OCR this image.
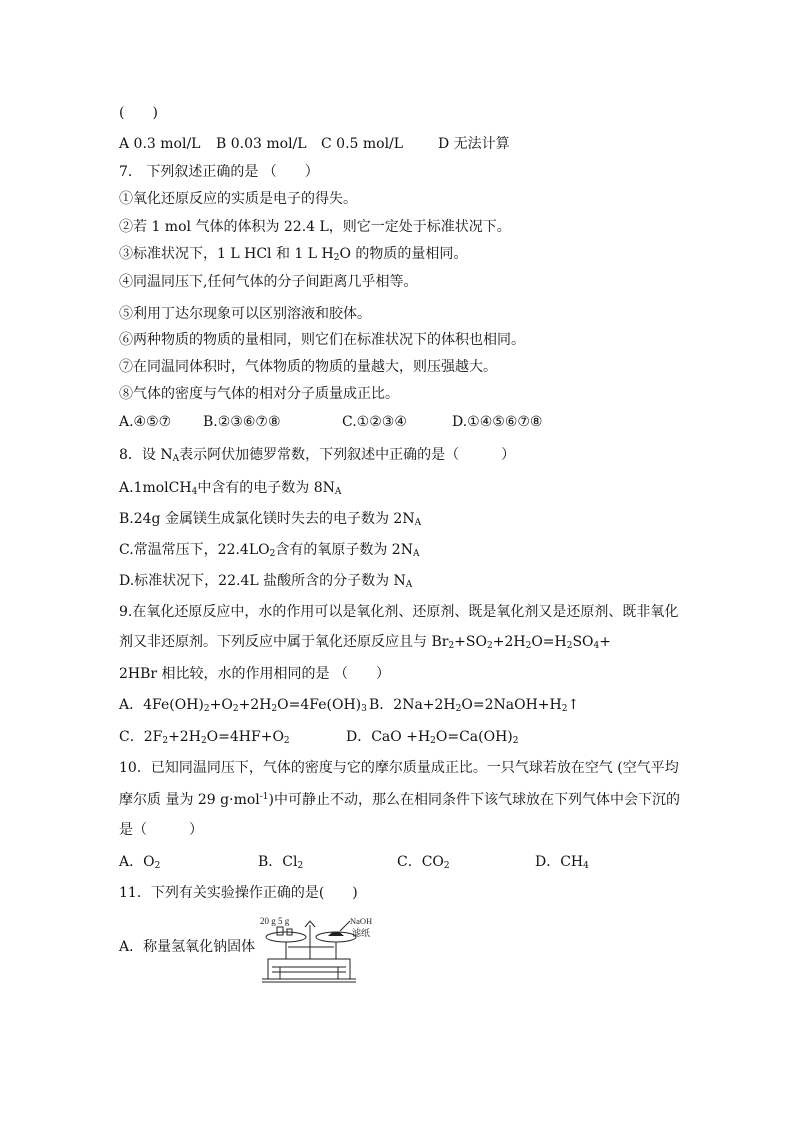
(　　)
A 0.3 mol/L B 0.03 mol/L C 0.5 mol/L D 无法计算
7． 下列叙述正确的是 （　　）
①氧化还原反应的实质是电子的得失。
②若 1 mol 气体的体积为 22.4 L，则它一定处于标准状况下。
③标准状况下，1 L HCl 和 1 L $H_2O$ 的物质的量相同。
④同温同压下,任何气体的分子间距离几乎相等。
⑤利用丁达尔现象可以区别溶液和胶体。
⑥两种物质的物质的量相同，则它们在标准状况下的体积也相同。
⑦在同温同体积时，气体物质的物质的量越大，则压强越大。
⑧气体的密度与气体的相对分子质量成正比。
A.④⑤⑦ B.②③⑥⑦⑧	C.①②③④	D.①④⑤⑥⑦⑧
8．设 $N_A$表示阿伏加德罗常数，下列叙述中正确的是（　　　）
A.1molCH$_4$中含有的电子数为 $8N_A$
B.24g 金属镁生成氯化镁时失去的电子数为 $2N_A$
C.常温常压下，$22.4LO_2$含有的氧原子数为 $2N_A$
D.标准状况下，22.4L 盐酸所含的分子数为 $N_A$
9.在氧化还原反应中，水的作用可以是氧化剂、还原剂、既是氧化剂又是还原剂、既非氧化
剂又非还原剂。下列反应中属于氧化还原反应且与 $Br_2+SO_2+2H_2O=H_2SO_4+$
2HBr 相比较，水的作用相同的是 （　　）
A．$4Fe(OH)_2+O_2+2H_2O=4Fe(OH)_3$ B．$2Na+2H_2O=2NaOH+H_2↑$
C．$2F_2+2H_2O=4HF+O_2$	D．CaO $+H_2O=Ca(OH)_2$
10．已知同温同压下，气体的密度与它的摩尔质量成正比。一只气球若放在空气 (空气平均
摩尔质 量为 29 g·mol$^{-1}$)中可静止不动，那么在相同条件下该气球放在下列气体中会下沉的
是（　　　）
A．$O_2$	B．$Cl_2$	C．$CO_2$	D．$CH_4$
11．下列有关实验操作正确的是(　　)
A．称量氢氧化钠固体
20 g 5 g	NaOH
滤纸
